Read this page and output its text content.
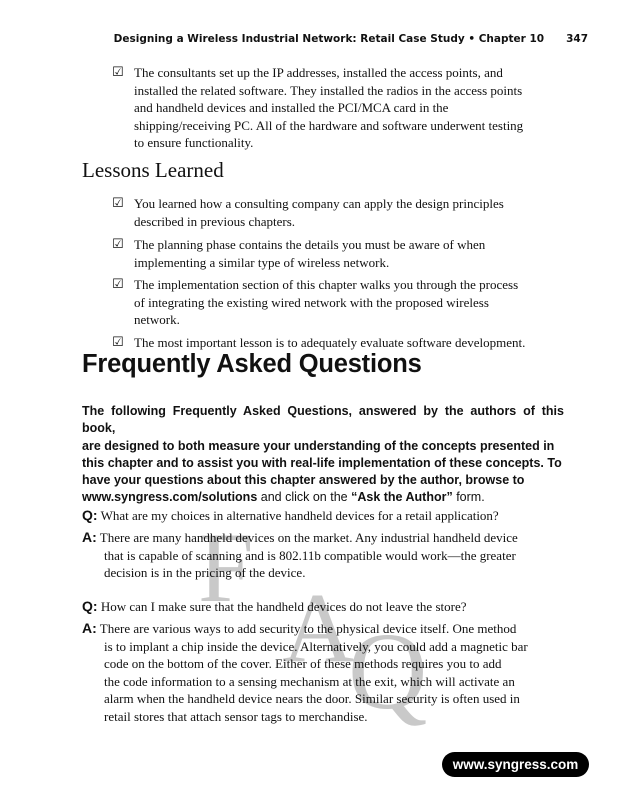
F
A
Q
Designing a Wireless Industrial Network: Retail Case Study • Chapter 10 347
☑ The consultants set up the IP addresses, installed the access points, and
installed the related software. They installed the radios in the access points
and handheld devices and installed the PCI/MCA card in the
shipping/receiving PC. All of the hardware and software underwent testing
to ensure functionality.
Lessons Learned
☑ You learned how a consulting company can apply the design principles
described in previous chapters.
☑ The planning phase contains the details you must be aware of when
implementing a similar type of wireless network.
☑ The implementation section of this chapter walks you through the process
of integrating the existing wired network with the proposed wireless
network.
☑ The most important lesson is to adequately evaluate software development.
Frequently Asked Questions
The following Frequently Asked Questions, answered by the authors of this book,
are designed to both measure your understanding of the concepts presented in
this chapter and to assist you with real-life implementation of these concepts. To
have your questions about this chapter answered by the author, browse to
www.syngress.com/solutions and click on the “Ask the Author” form.
Q: What are my choices in alternative handheld devices for a retail application?
A: There are many handheld devices on the market. Any industrial handheld device
that is capable of scanning and is 802.11b compatible would work—the greater
decision is in the pricing of the device.
Q: How can I make sure that the handheld devices do not leave the store?
A: There are various ways to add security to the physical device itself. One method
is to implant a chip inside the device. Alternatively, you could add a magnetic bar
code on the bottom of the cover. Either of these methods requires you to add
the code information to a sensing mechanism at the exit, which will activate an
alarm when the handheld device nears the door. Similar security is often used in
retail stores that attach sensor tags to merchandise.
www.syngress.com
